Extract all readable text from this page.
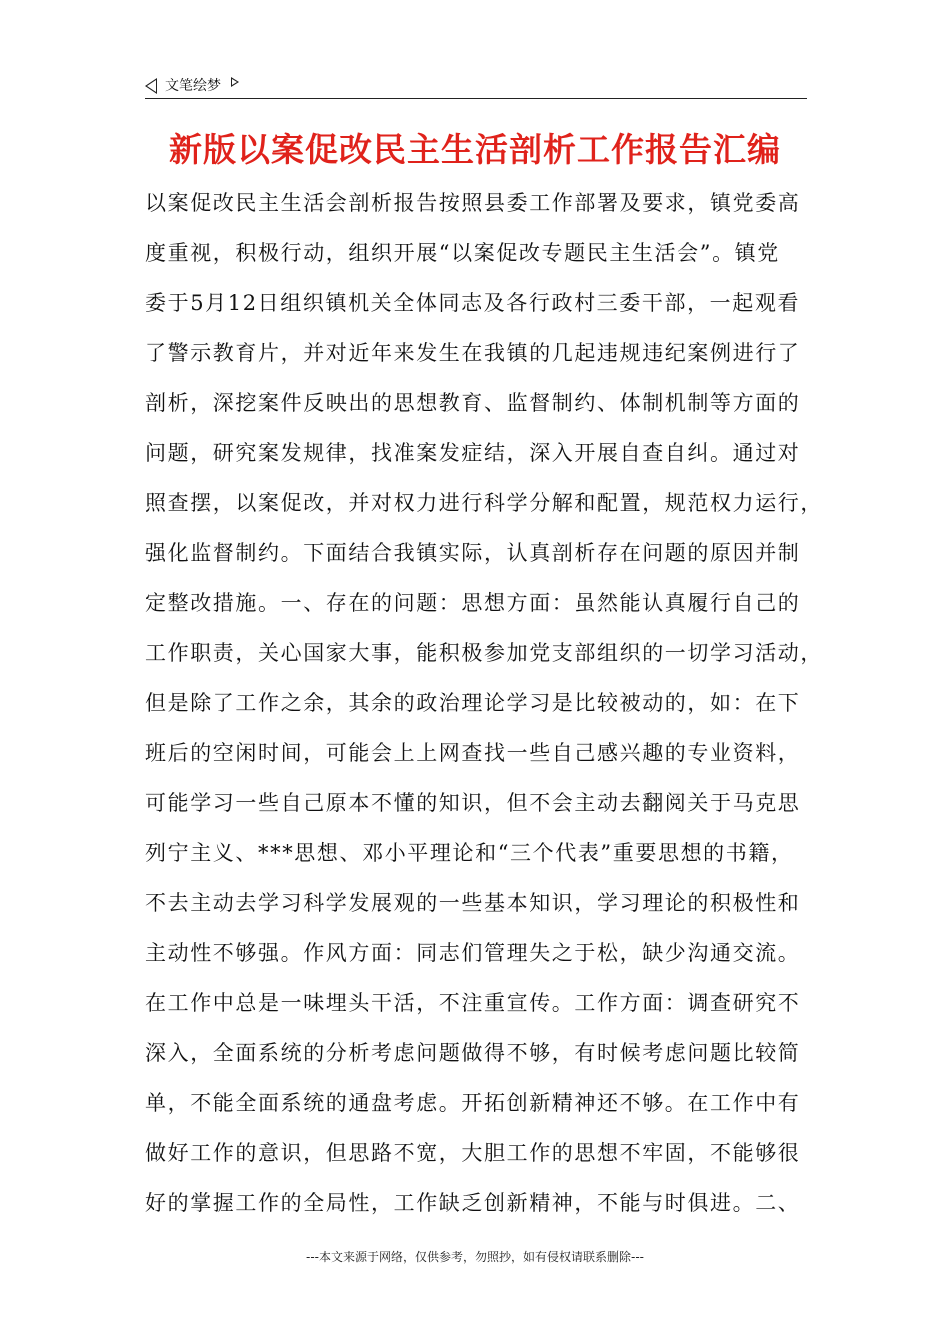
文笔绘梦
新版以案促改民主生活剖析工作报告汇编
以案促改民主生活会剖析报告按照县委工作部署及要求，镇党委高
度重视，积极行动，组织开展“以案促改专题民主生活会”。镇党
委于5月12日组织镇机关全体同志及各行政村三委干部，一起观看
了警示教育片，并对近年来发生在我镇的几起违规违纪案例进行了
剖析，深挖案件反映出的思想教育、监督制约、体制机制等方面的
问题，研究案发规律，找准案发症结，深入开展自查自纠。通过对
照查摆，以案促改，并对权力进行科学分解和配置，规范权力运行，
强化监督制约。下面结合我镇实际，认真剖析存在问题的原因并制
定整改措施。一、存在的问题：思想方面：虽然能认真履行自己的
工作职责，关心国家大事，能积极参加党支部组织的一切学习活动，
但是除了工作之余，其余的政治理论学习是比较被动的，如：在下
班后的空闲时间，可能会上上网查找一些自己感兴趣的专业资料，
可能学习一些自己原本不懂的知识，但不会主动去翻阅关于马克思
列宁主义、***思想、邓小平理论和“三个代表”重要思想的书籍，
不去主动去学习科学发展观的一些基本知识，学习理论的积极性和
主动性不够强。作风方面：同志们管理失之于松，缺少沟通交流。
在工作中总是一味埋头干活，不注重宣传。工作方面：调查研究不
深入，全面系统的分析考虑问题做得不够，有时候考虑问题比较简
单，不能全面系统的通盘考虑。开拓创新精神还不够。在工作中有
做好工作的意识，但思路不宽，大胆工作的思想不牢固，不能够很
好的掌握工作的全局性，工作缺乏创新精神，不能与时俱进。二、
---本文来源于网络，仅供参考，勿照抄，如有侵权请联系删除---
